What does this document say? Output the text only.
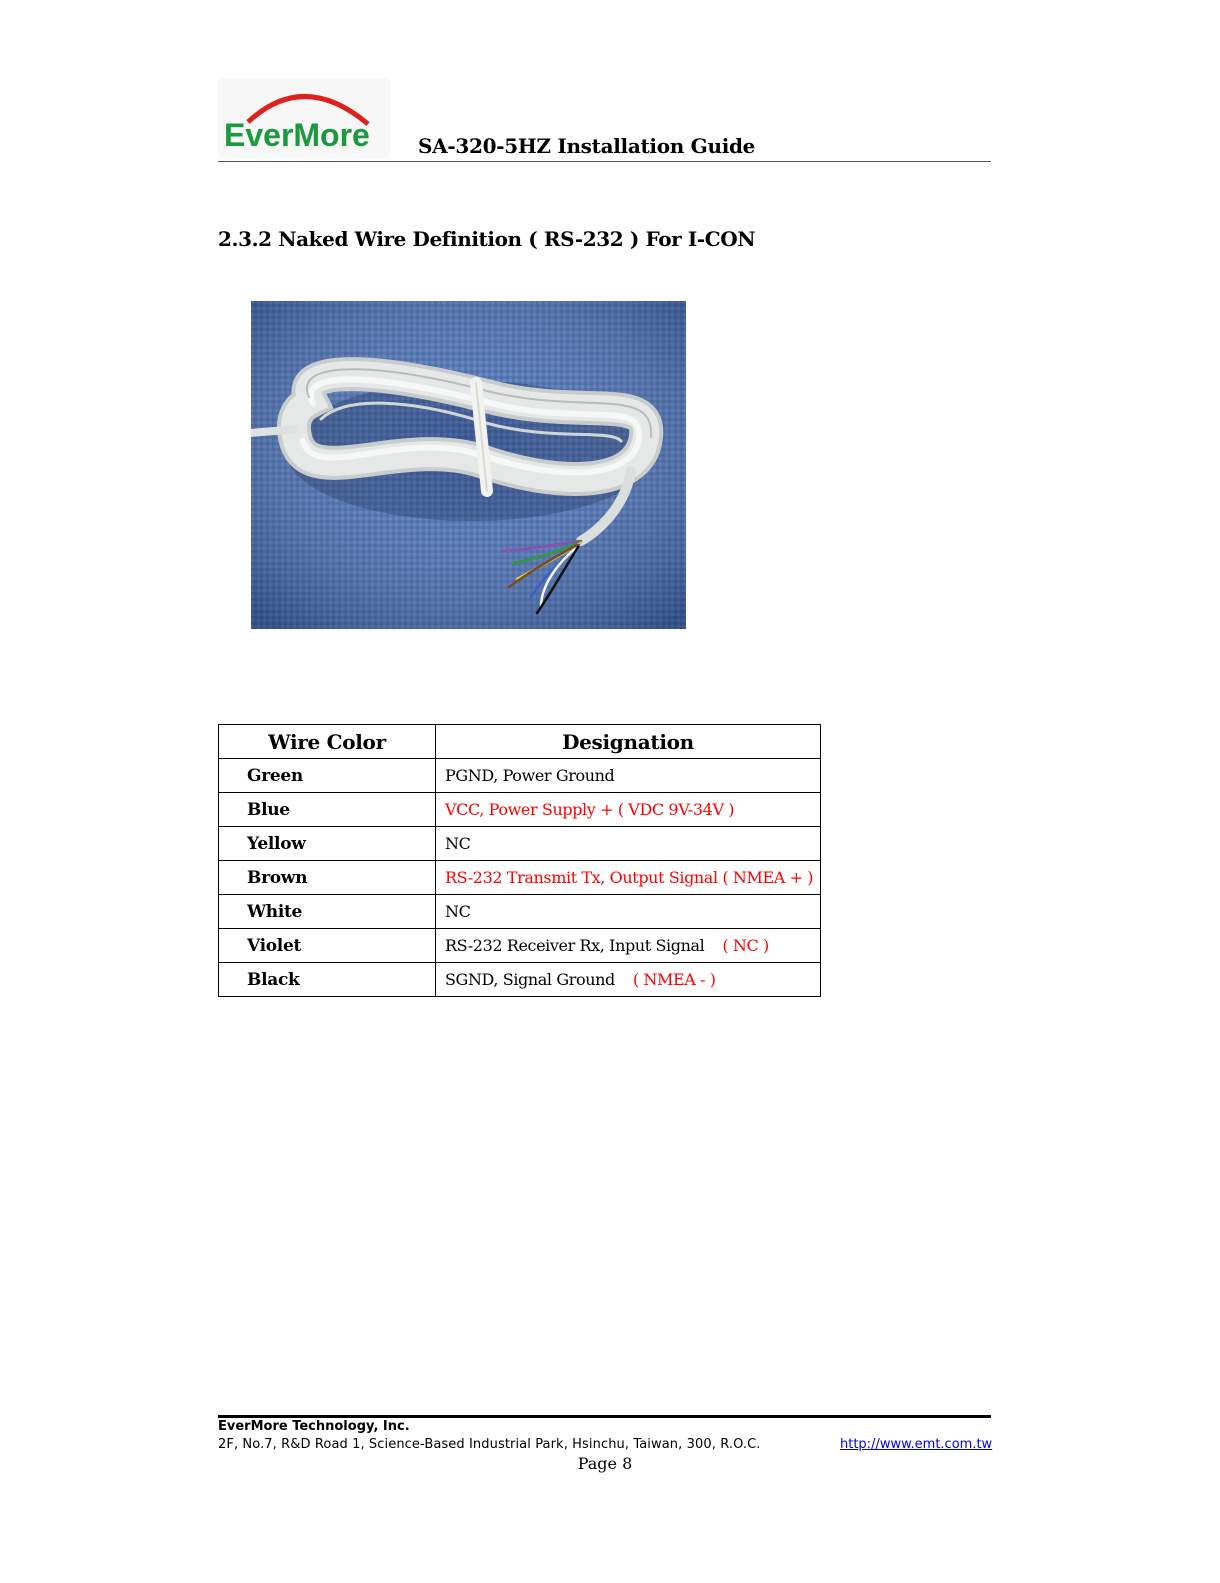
EverMore SA-320-5HZ Installation Guide
2.3.2 Naked Wire Definition ( RS-232 ) For I-CON
Wire Color	Designation
Green	PGND, Power Ground
Blue	VCC, Power Supply + ( VDC 9V-34V )
Yellow	NC
Brown	RS-232 Transmit Tx, Output Signal ( NMEA + )
White	NC
Violet	RS-232 Receiver Rx, Input Signal ( NC )
Black	SGND, Signal Ground ( NMEA - )
EverMore Technology, Inc.
2F, No.7, R&D Road 1, Science-Based Industrial Park, Hsinchu, Taiwan, 300, R.O.C.	http://www.emt.com.tw
Page 8
